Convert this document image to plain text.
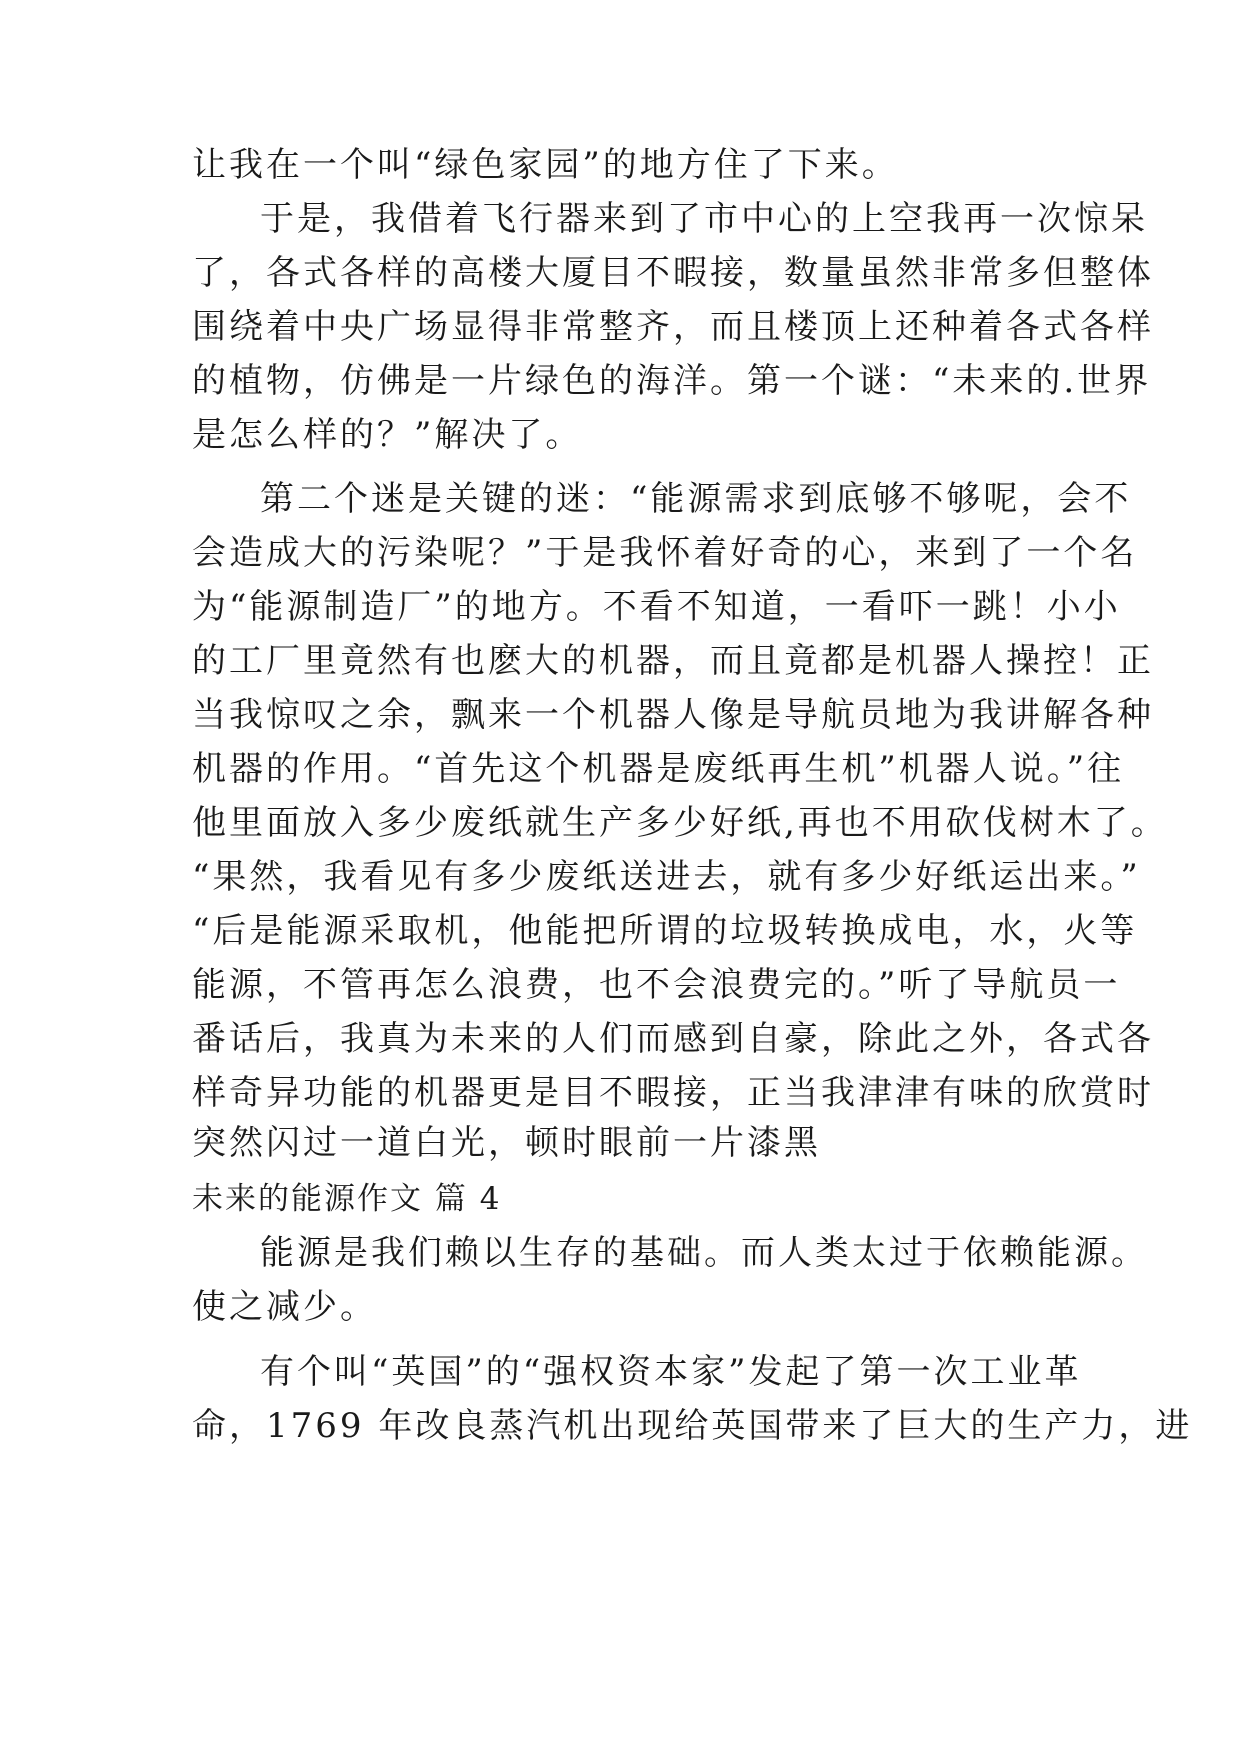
让我在一个叫“绿色家园”的地方住了下来。
于是，我借着飞行器来到了市中心的上空我再一次惊呆
了，各式各样的高楼大厦目不暇接，数量虽然非常多但整体
围绕着中央广场显得非常整齐，而且楼顶上还种着各式各样
的植物，仿佛是一片绿色的海洋。第一个谜：“未来的.世界
是怎么样的？”解决了。
第二个迷是关键的迷：“能源需求到底够不够呢，会不
会造成大的污染呢？”于是我怀着好奇的心，来到了一个名
为“能源制造厂”的地方。不看不知道，一看吓一跳！小小
的工厂里竟然有也麽大的机器，而且竟都是机器人操控！正
当我惊叹之余，飘来一个机器人像是导航员地为我讲解各种
机器的作用。“首先这个机器是废纸再生机”机器人说。”往
他里面放入多少废纸就生产多少好纸,再也不用砍伐树木了。
“果然，我看见有多少废纸送进去，就有多少好纸运出来。”
“后是能源采取机，他能把所谓的垃圾转换成电，水，火等
能源，不管再怎么浪费，也不会浪费完的。”听了导航员一
番话后，我真为未来的人们而感到自豪，除此之外，各式各
样奇异功能的机器更是目不暇接，正当我津津有味的欣赏时
突然闪过一道白光，顿时眼前一片漆黑
未来的能源作文 篇 4
能源是我们赖以生存的基础。而人类太过于依赖能源。
使之减少。
有个叫“英国”的“强权资本家”发起了第一次工业革
命，1769 年改良蒸汽机出现给英国带来了巨大的生产力，进
